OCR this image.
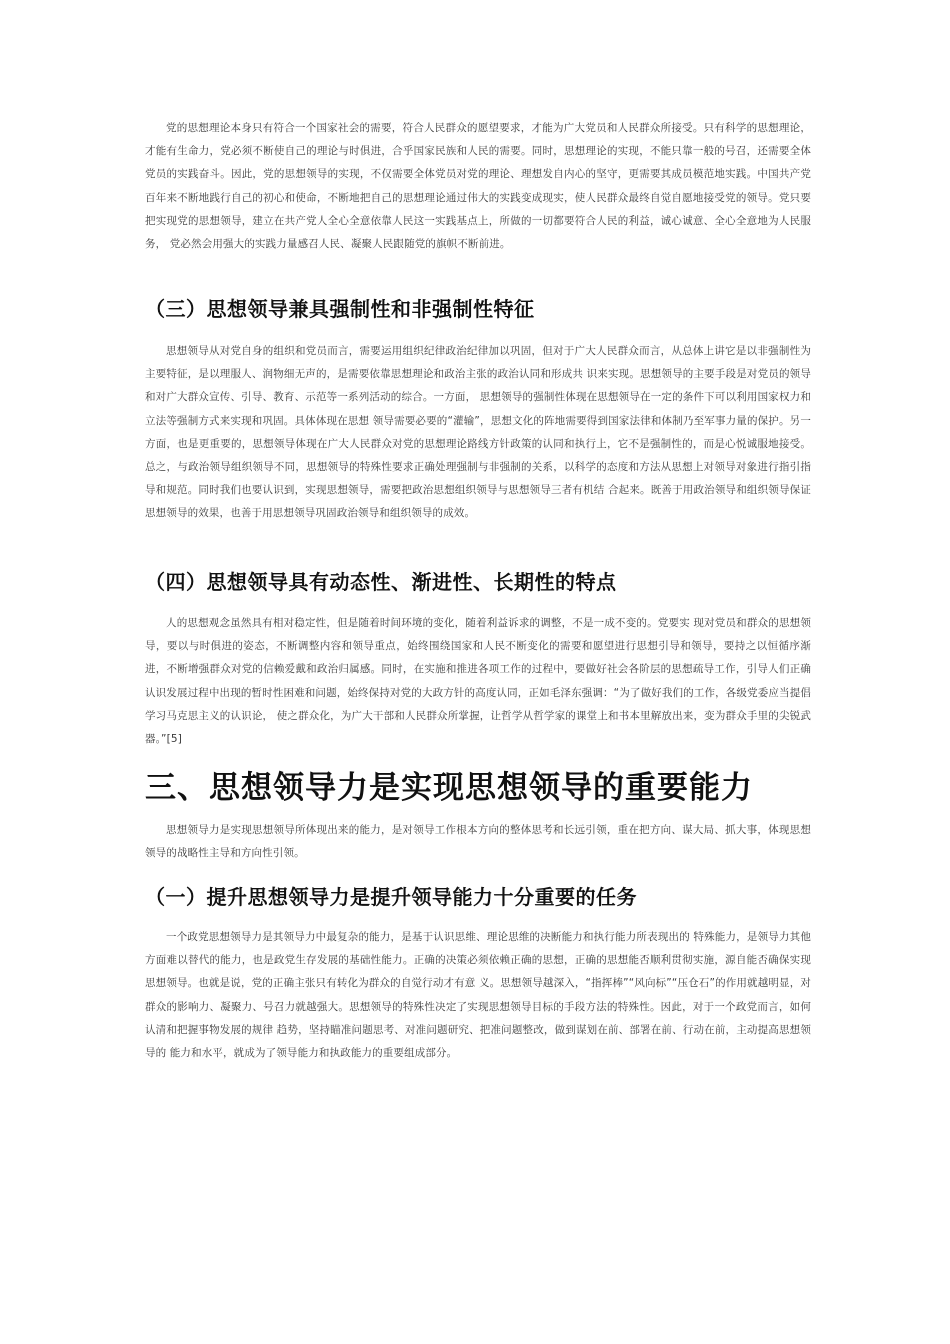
党的思想理论本身只有符合一个国家社会的需要，符合人民群众的愿望要求，才能为广大党员和人民群众所接受。只有科学的思想理论，才能有生命力，党必须不断使自己的理论与时俱进，合乎国家民族和人民的需要。同时，思想理论的实现，不能只靠一般的号召，还需要全体党员的实践奋斗。因此，党的思想领导的实现，不仅需要全体党员对党的理论、理想发自内心的坚守，更需要其成员模范地实践。中国共产党百年来不断地践行自己的初心和使命，不断地把自己的思想理论通过伟大的实践变成现实，使人民群众最终自觉自愿地接受党的领导。党只要把实现党的思想领导，建立在共产党人全心全意依靠人民这一实践基点上，所做的一切都要符合人民的利益，诚心诚意、全心全意地为人民服务， 党必然会用强大的实践力量感召人民、凝聚人民跟随党的旗帜不断前进。

（三）思想领导兼具强制性和非强制性特征

思想领导从对党自身的组织和党员而言，需要运用组织纪律政治纪律加以巩固，但对于广大人民群众而言，从总体上讲它是以非强制性为主要特征，是以理服人、润物细无声的，是需要依靠思想理论和政治主张的政治认同和形成共 识来实现。思想领导的主要手段是对党员的领导和对广大群众宣传、引导、教育、示范等一系列活动的综合。一方面， 思想领导的强制性体现在思想领导在一定的条件下可以利用国家权力和立法等强制方式来实现和巩固。具体体现在思想 领导需要必要的“灌输”，思想文化的阵地需要得到国家法律和体制乃至军事力量的保护。另一方面，也是更重要的，思想领导体现在广大人民群众对党的思想理论路线方针政策的认同和执行上，它不是强制性的，而是心悦诚服地接受。总之，与政治领导组织领导不同，思想领导的特殊性要求正确处理强制与非强制的关系，以科学的态度和方法从思想上对领导对象进行指引指导和规范。同时我们也要认识到，实现思想领导，需要把政治思想组织领导与思想领导三者有机结 合起来。既善于用政治领导和组织领导保证思想领导的效果，也善于用思想领导巩固政治领导和组织领导的成效。

（四）思想领导具有动态性、渐进性、长期性的特点

人的思想观念虽然具有相对稳定性，但是随着时间环境的变化，随着利益诉求的调整，不是一成不变的。党要实 现对党员和群众的思想领导，要以与时俱进的姿态，不断调整内容和领导重点，始终围绕国家和人民不断变化的需要和愿望进行思想引导和领导，要持之以恒循序渐进，不断增强群众对党的信赖爱戴和政治归属感。同时，在实施和推进各项工作的过程中，要做好社会各阶层的思想疏导工作，引导人们正确认识发展过程中出现的暂时性困难和问题，始终保持对党的大政方针的高度认同，正如毛泽东强调：“为了做好我们的工作，各级党委应当提倡学习马克思主义的认识论， 使之群众化，为广大干部和人民群众所掌握，让哲学从哲学家的课堂上和书本里解放出来，变为群众手里的尖锐武器。”[5]

三、思想领导力是实现思想领导的重要能力

思想领导力是实现思想领导所体现出来的能力，是对领导工作根本方向的整体思考和长远引领，重在把方向、谋大局、抓大事，体现思想领导的战略性主导和方向性引领。

（一）提升思想领导力是提升领导能力十分重要的任务

一个政党思想领导力是其领导力中最复杂的能力，是基于认识思维、理论思维的决断能力和执行能力所表现出的 特殊能力，是领导力其他方面难以替代的能力，也是政党生存发展的基础性能力。正确的决策必须依赖正确的思想，正确的思想能否顺利贯彻实施，源自能否确保实现思想领导。也就是说，党的正确主张只有转化为群众的自觉行动才有意 义。思想领导越深入，“指挥棒”“风向标”“压仓石”的作用就越明显，对群众的影响力、凝聚力、号召力就越强大。思想领导的特殊性决定了实现思想领导目标的手段方法的特殊性。因此，对于一个政党而言，如何认清和把握事物发展的规律 趋势，坚持瞄准问题思考、对准问题研究、把准问题整改，做到谋划在前、部署在前、行动在前，主动提高思想领导的 能力和水平，就成为了领导能力和执政能力的重要组成部分。
